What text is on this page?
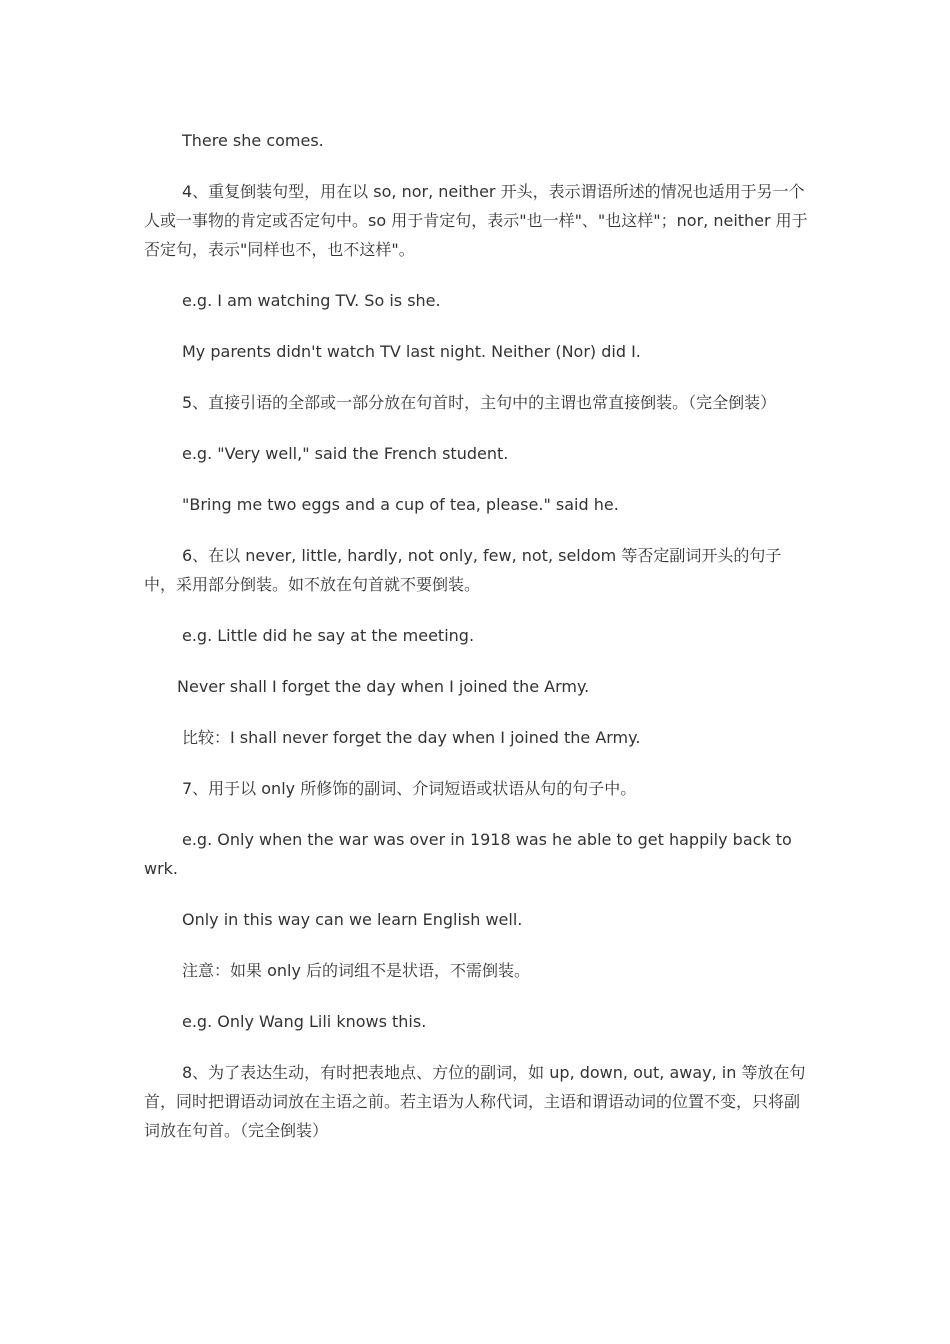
There she comes.

4、重复倒装句型，用在以 so, nor, neither 开头，表示谓语所述的情况也适用于另一个人或一事物的肯定或否定句中。so 用于肯定句，表示"也一样"、"也这样"；nor, neither 用于否定句，表示"同样也不，也不这样"。

e.g. I am watching TV. So is she.

My parents didn't watch TV last night. Neither (Nor) did I.

5、直接引语的全部或一部分放在句首时，主句中的主谓也常直接倒装。（完全倒装）

e.g. "Very well," said the French student.

"Bring me two eggs and a cup of tea, please." said he.

6、在以 never, little, hardly, not only, few, not, seldom 等否定副词开头的句子中，采用部分倒装。如不放在句首就不要倒装。

e.g. Little did he say at the meeting.

Never shall I forget the day when I joined the Army.

比较：I shall never forget the day when I joined the Army.

7、用于以 only 所修饰的副词、介词短语或状语从句的句子中。

e.g. Only when the war was over in 1918 was he able to get happily back to wrk.

Only in this way can we learn English well.

注意：如果 only 后的词组不是状语，不需倒装。

e.g. Only Wang Lili knows this.

8、为了表达生动，有时把表地点、方位的副词，如 up, down, out, away, in 等放在句首，同时把谓语动词放在主语之前。若主语为人称代词，主语和谓语动词的位置不变，只将副词放在句首。（完全倒装）
